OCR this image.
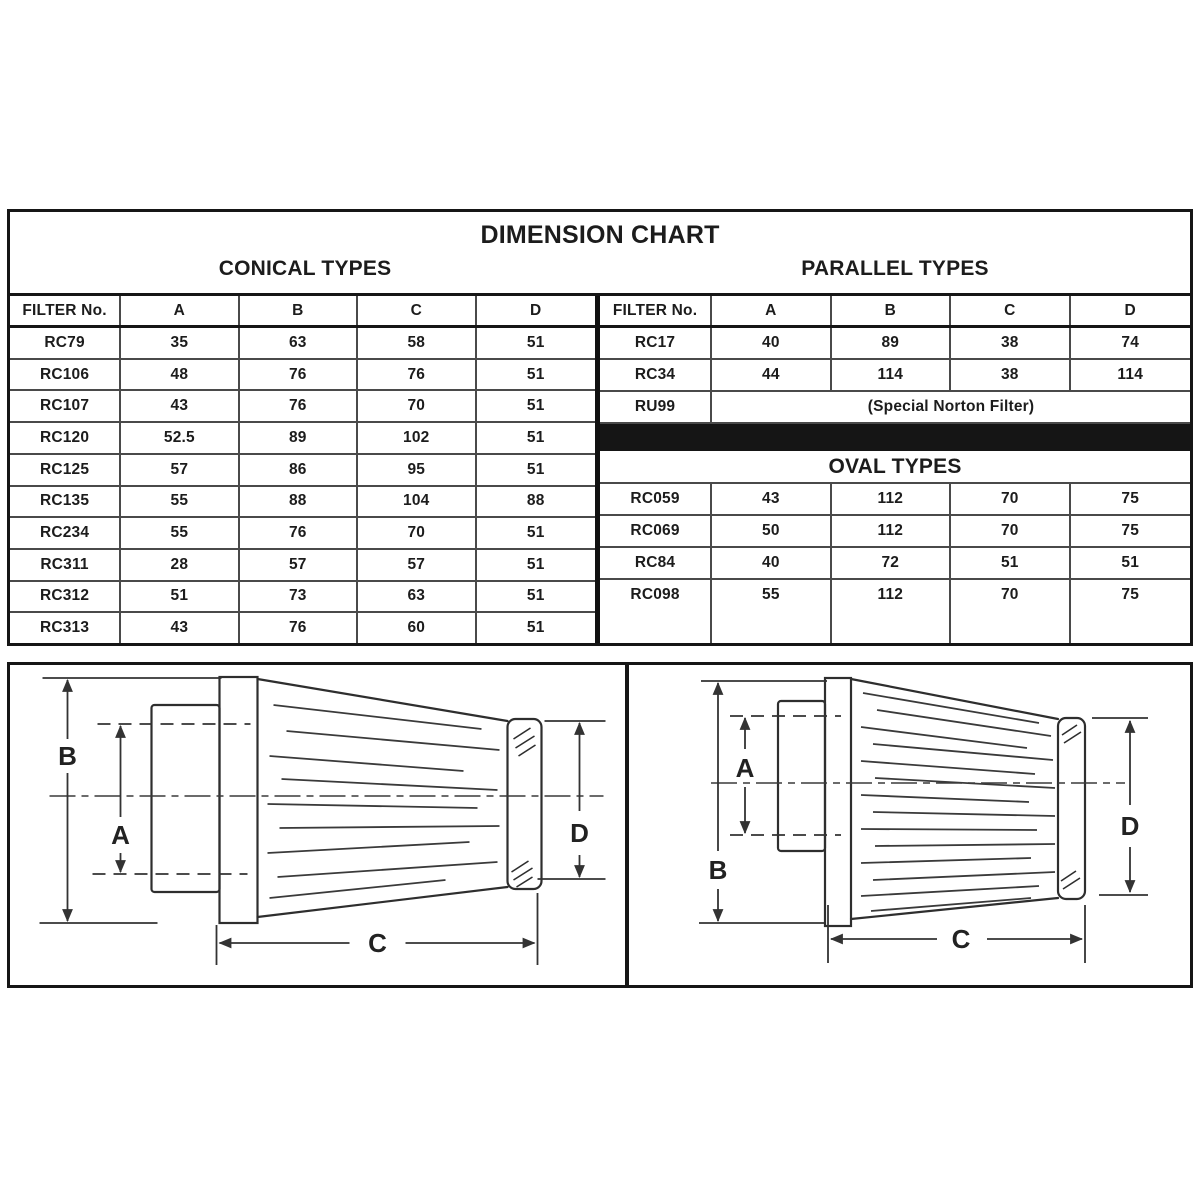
DIMENSION CHART
CONICAL TYPES	PARALLEL TYPES
FILTER No.	A	B	C	D
RC79	35	63	58	51
RC106	48	76	76	51
RC107	43	76	70	51
RC120	52.5	89	102	51
RC125	57	86	95	51
RC135	55	88	104	88
RC234	55	76	70	51
RC311	28	57	57	51
RC312	51	73	63	51
RC313	43	76	60	51
FILTER No.	A	B	C	D
RC17	40	89	38	74
RC34	44	114	38	114
RU99	(Special Norton Filter)
OVAL TYPES
RC059	43	112	70	75
RC069	50	112	70	75
RC84	40	72	51	51
RC098	55	112	70	75
B
A	D
C
B
A
D
C
